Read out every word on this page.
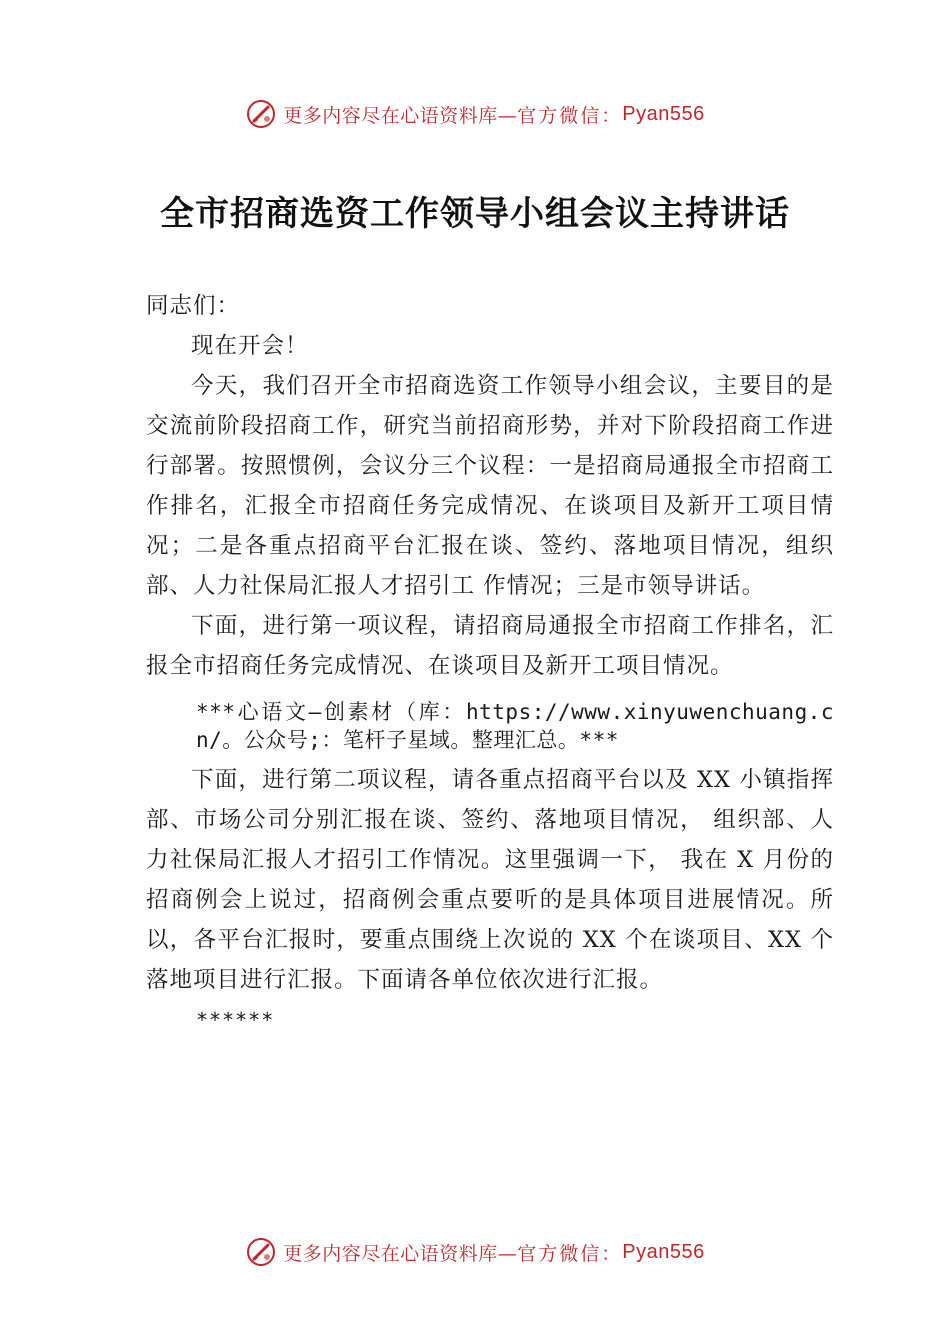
更多内容尽在心语资料库— 官方微信： Pyan556
全市招商选资工作领导小组会议主持讲话

同志们：

现在开会！

今天，我们召开全市招商选资工作领导小组会议，主要目的是交流前阶段招商工作，研究当前招商形势，并对下阶段招商工作进行部署。按照惯例，会议分三个议程：一是招商局通报全市招商工作排名，汇报全市招商任务完成情况、在谈项目及新开工项目情况；二是各重点招商平台汇报在谈、签约、落地项目情况，组织部、人力社保局汇报人才招引工 作情况；三是市领导讲话。

下面，进行第一项议程，请招商局通报全市招商工作排名，汇报全市招商任务完成情况、在谈项目及新开工项目情况。

***心语文—创素材（库：https://www.xinyuwenchuang.cn/。公众号;：笔杆子星域。整理汇总。***

下面，进行第二项议程，请各重点招商平台以及 XX 小镇指挥部、市场公司分别汇报在谈、签约、落地项目情况， 组织部、人力社保局汇报人才招引工作情况。这里强调一下， 我在 X 月份的招商例会上说过，招商例会重点要听的是具体项目进展情况。所以，各平台汇报时，要重点围绕上次说的 XX 个在谈项目、XX 个落地项目进行汇报。下面请各单位依次进行汇报。

******

更多内容尽在心语资料库— 官方微信： Pyan556
